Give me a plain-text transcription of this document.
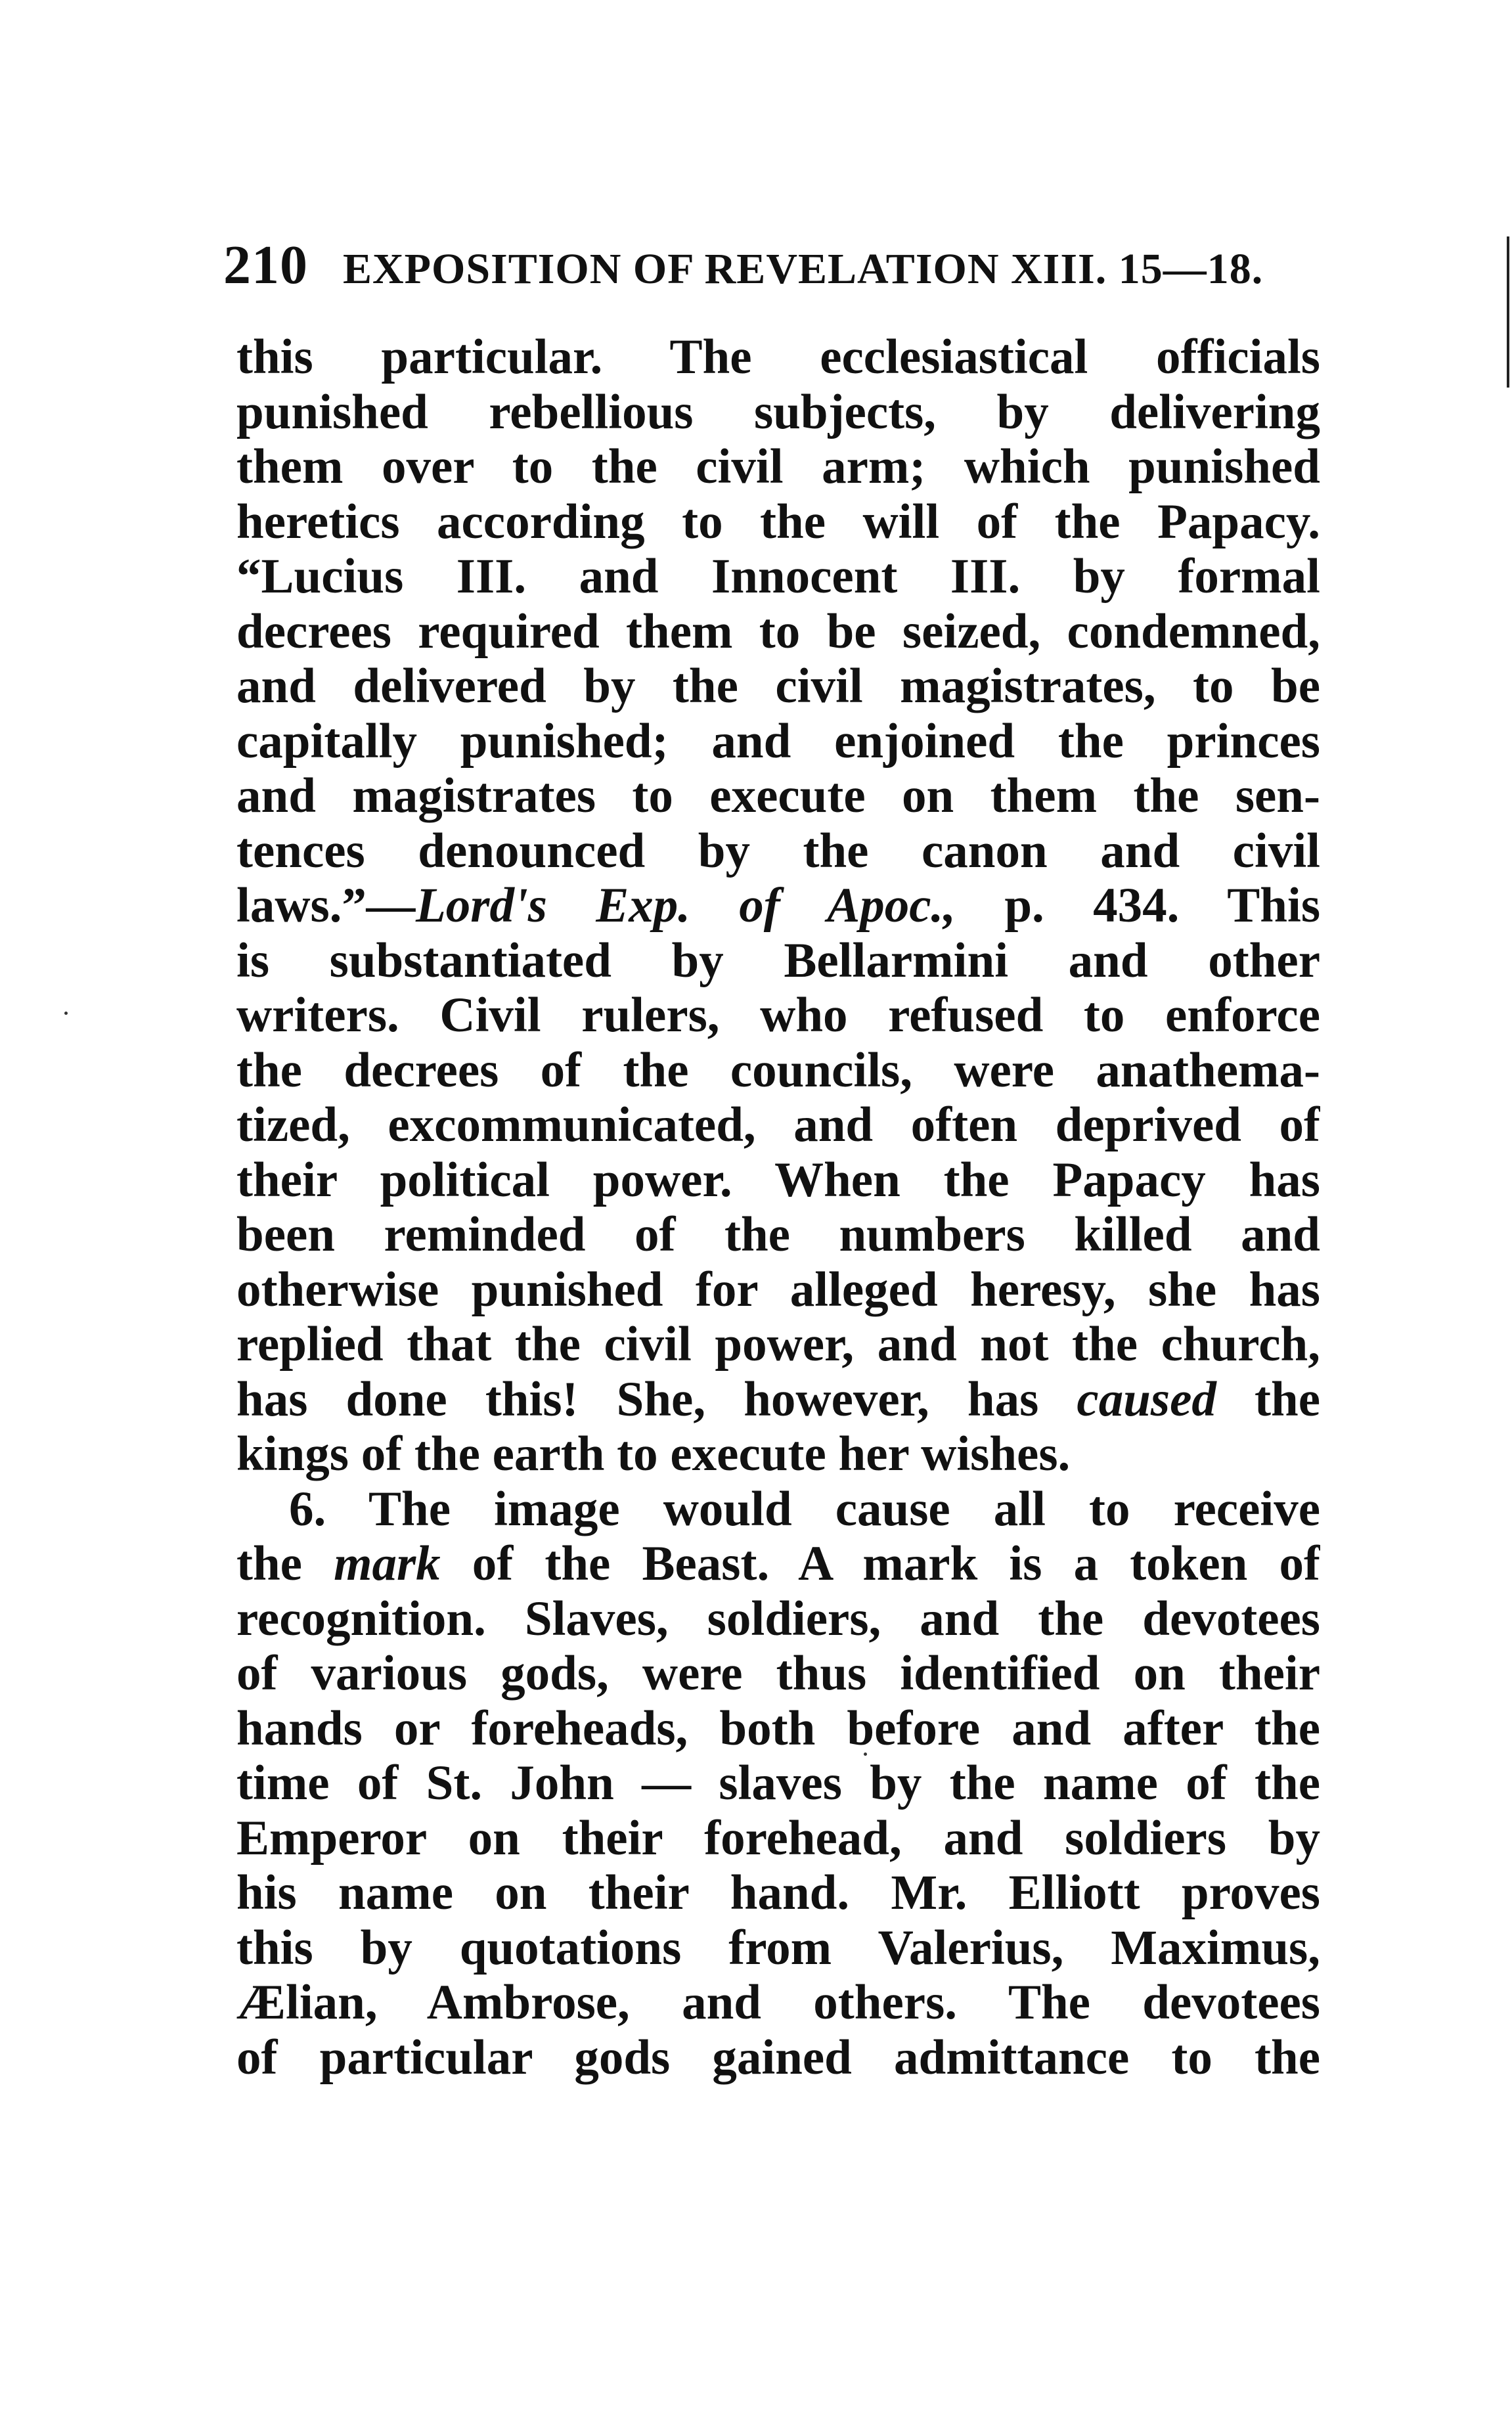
210 EXPOSITION OF REVELATION XIII. 15—18.
this particular. The ecclesiastical officials
punished rebellious subjects, by delivering
them over to the civil arm; which punished
heretics according to the will of the Papacy.
“Lucius III. and Innocent III. by formal
decrees required them to be seized, condemned,
and delivered by the civil magistrates, to be
capitally punished; and enjoined the princes
and magistrates to execute on them the sen-
tences denounced by the canon and civil
laws.”—Lord's Exp. of Apoc., p. 434. This
is substantiated by Bellarmini and other
writers. Civil rulers, who refused to enforce
the decrees of the councils, were anathema-
tized, excommunicated, and often deprived of
their political power. When the Papacy has
been reminded of the numbers killed and
otherwise punished for alleged heresy, she has
replied that the civil power, and not the church,
has done this! She, however, has caused the
kings of the earth to execute her wishes.
6. The image would cause all to receive
the mark of the Beast. A mark is a token of
recognition. Slaves, soldiers, and the devotees
of various gods, were thus identified on their
hands or foreheads, both before and after the
time of St. John — slaves by the name of the
Emperor on their forehead, and soldiers by
his name on their hand. Mr. Elliott proves
this by quotations from Valerius, Maximus,
Ælian, Ambrose, and others. The devotees
of particular gods gained admittance to the
